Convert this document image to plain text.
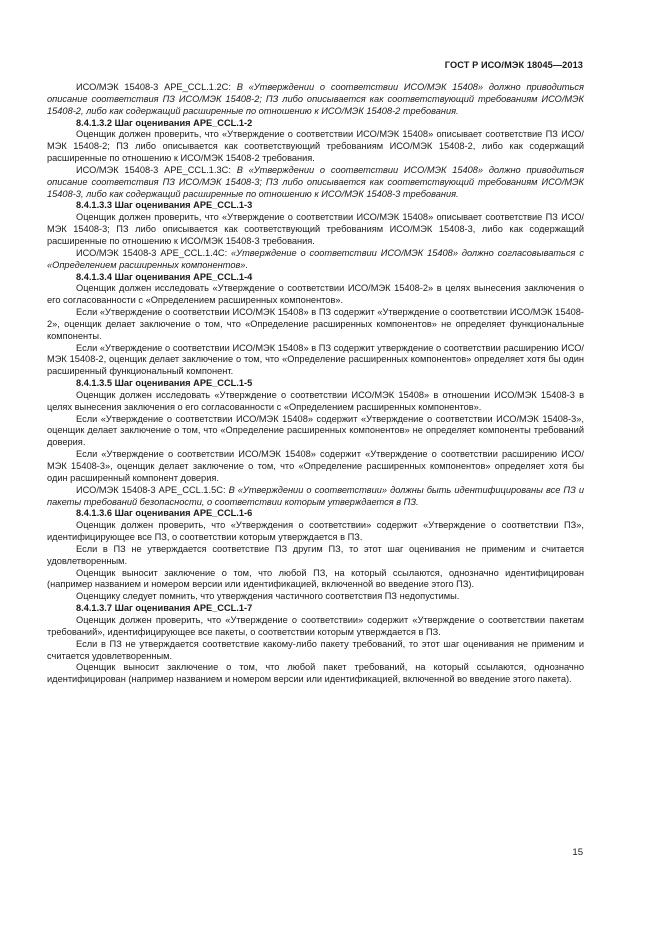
ГОСТ Р ИСО/МЭК 18045—2013

ИСО/МЭК 15408-3 APE_CCL.1.2С: В «Утверждении о соответствии ИСО/МЭК 15408» должно приводиться описание соответствия ПЗ ИСО/МЭК 15408-2; ПЗ либо описывается как соответствующий требованиям ИСО/МЭК 15408-2, либо как содержащий расширенные по отношению к ИСО/МЭК 15408-2 требования.

8.4.1.3.2 Шаг оценивания APE_CCL.1-2

Оценщик должен проверить, что «Утверждение о соответствии ИСО/МЭК 15408» описывает соответствие ПЗ ИСО/МЭК 15408-2; ПЗ либо описывается как соответствующий требованиям ИСО/МЭК 15408-2, либо как содержащий расширенные по отношению к ИСО/МЭК 15408-2 требования.

ИСО/МЭК 15408-3 APE_CCL.1.3С: В «Утверждении о соответствии ИСО/МЭК 15408» должно приводиться описание соответствия ПЗ ИСО/МЭК 15408-3; ПЗ либо описывается как соответствующий требованиям ИСО/МЭК 15408-3, либо как содержащий расширенные по отношению к ИСО/МЭК 15408-3 требования.

8.4.1.3.3 Шаг оценивания APE_CCL.1-3

Оценщик должен проверить, что «Утверждение о соответствии ИСО/МЭК 15408» описывает соответствие ПЗ ИСО/МЭК 15408-3; ПЗ либо описывается как соответствующий требованиям ИСО/МЭК 15408-3, либо как содержащий расширенные по отношению к ИСО/МЭК 15408-3 требования.

ИСО/МЭК 15408-3 APE_CCL.1.4С: «Утверждение о соответствии ИСО/МЭК 15408» должно согласовываться с «Определением расширенных компонентов».

8.4.1.3.4 Шаг оценивания APE_CCL.1-4

Оценщик должен исследовать «Утверждение о соответствии ИСО/МЭК 15408-2» в целях вынесения заключения о его согласованности с «Определением расширенных компонентов».

Если «Утверждение о соответствии ИСО/МЭК 15408» в ПЗ содержит «Утверждение о соответствии ИСО/МЭК 15408-2», оценщик делает заключение о том, что «Определение расширенных компонентов» не определяет функциональные компоненты.

Если «Утверждение о соответствии ИСО/МЭК 15408» в ПЗ содержит утверждение о соответствии расширению ИСО/МЭК 15408-2, оценщик делает заключение о том, что «Определение расширенных компонентов» определяет хотя бы один расширенный функциональный компонент.

8.4.1.3.5 Шаг оценивания APE_CCL.1-5

Оценщик должен исследовать «Утверждение о соответствии ИСО/МЭК 15408» в отношении ИСО/МЭК 15408-3 в целях вынесения заключения о его согласованности с «Определением расширенных компонентов».

Если «Утверждение о соответствии ИСО/МЭК 15408» содержит «Утверждение о соответствии ИСО/МЭК 15408-3», оценщик делает заключение о том, что «Определение расширенных компонентов» не определяет компоненты требований доверия.

Если «Утверждение о соответствии ИСО/МЭК 15408» содержит «Утверждение о соответствии расширению ИСО/МЭК 15408-3», оценщик делает заключение о том, что «Определение расширенных компонентов» определяет хотя бы один расширенный компонент доверия.

ИСО/МЭК 15408-3 APE_CCL.1.5С: В «Утверждении о соответствии» должны быть идентифицированы все ПЗ и пакеты требований безопасности, о соответствии которым утверждается в ПЗ.

8.4.1.3.6 Шаг оценивания APE_CCL.1-6

Оценщик должен проверить, что «Утверждения о соответствии» содержит «Утверждение о соответствии ПЗ», идентифицирующее все ПЗ, о соответствии которым утверждается в ПЗ.

Если в ПЗ не утверждается соответствие ПЗ другим ПЗ, то этот шаг оценивания не применим и считается удовлетворенным.

Оценщик выносит заключение о том, что любой ПЗ, на который ссылаются, однозначно идентифицирован (например названием и номером версии или идентификацией, включенной во введение этого ПЗ).

Оценщику следует помнить, что утверждения частичного соответствия ПЗ недопустимы.

8.4.1.3.7 Шаг оценивания APE_CCL.1-7

Оценщик должен проверить, что «Утверждение о соответствии» содержит «Утверждение о соответствии пакетам требований», идентифицирующее все пакеты, о соответствии которым утверждается в ПЗ.

Если в ПЗ не утверждается соответствие какому-либо пакету требований, то этот шаг оценивания не применим и считается удовлетворенным.

Оценщик выносит заключение о том, что любой пакет требований, на который ссылаются, однозначно идентифицирован (например названием и номером версии или идентификацией, включенной во введение этого пакета).

15
